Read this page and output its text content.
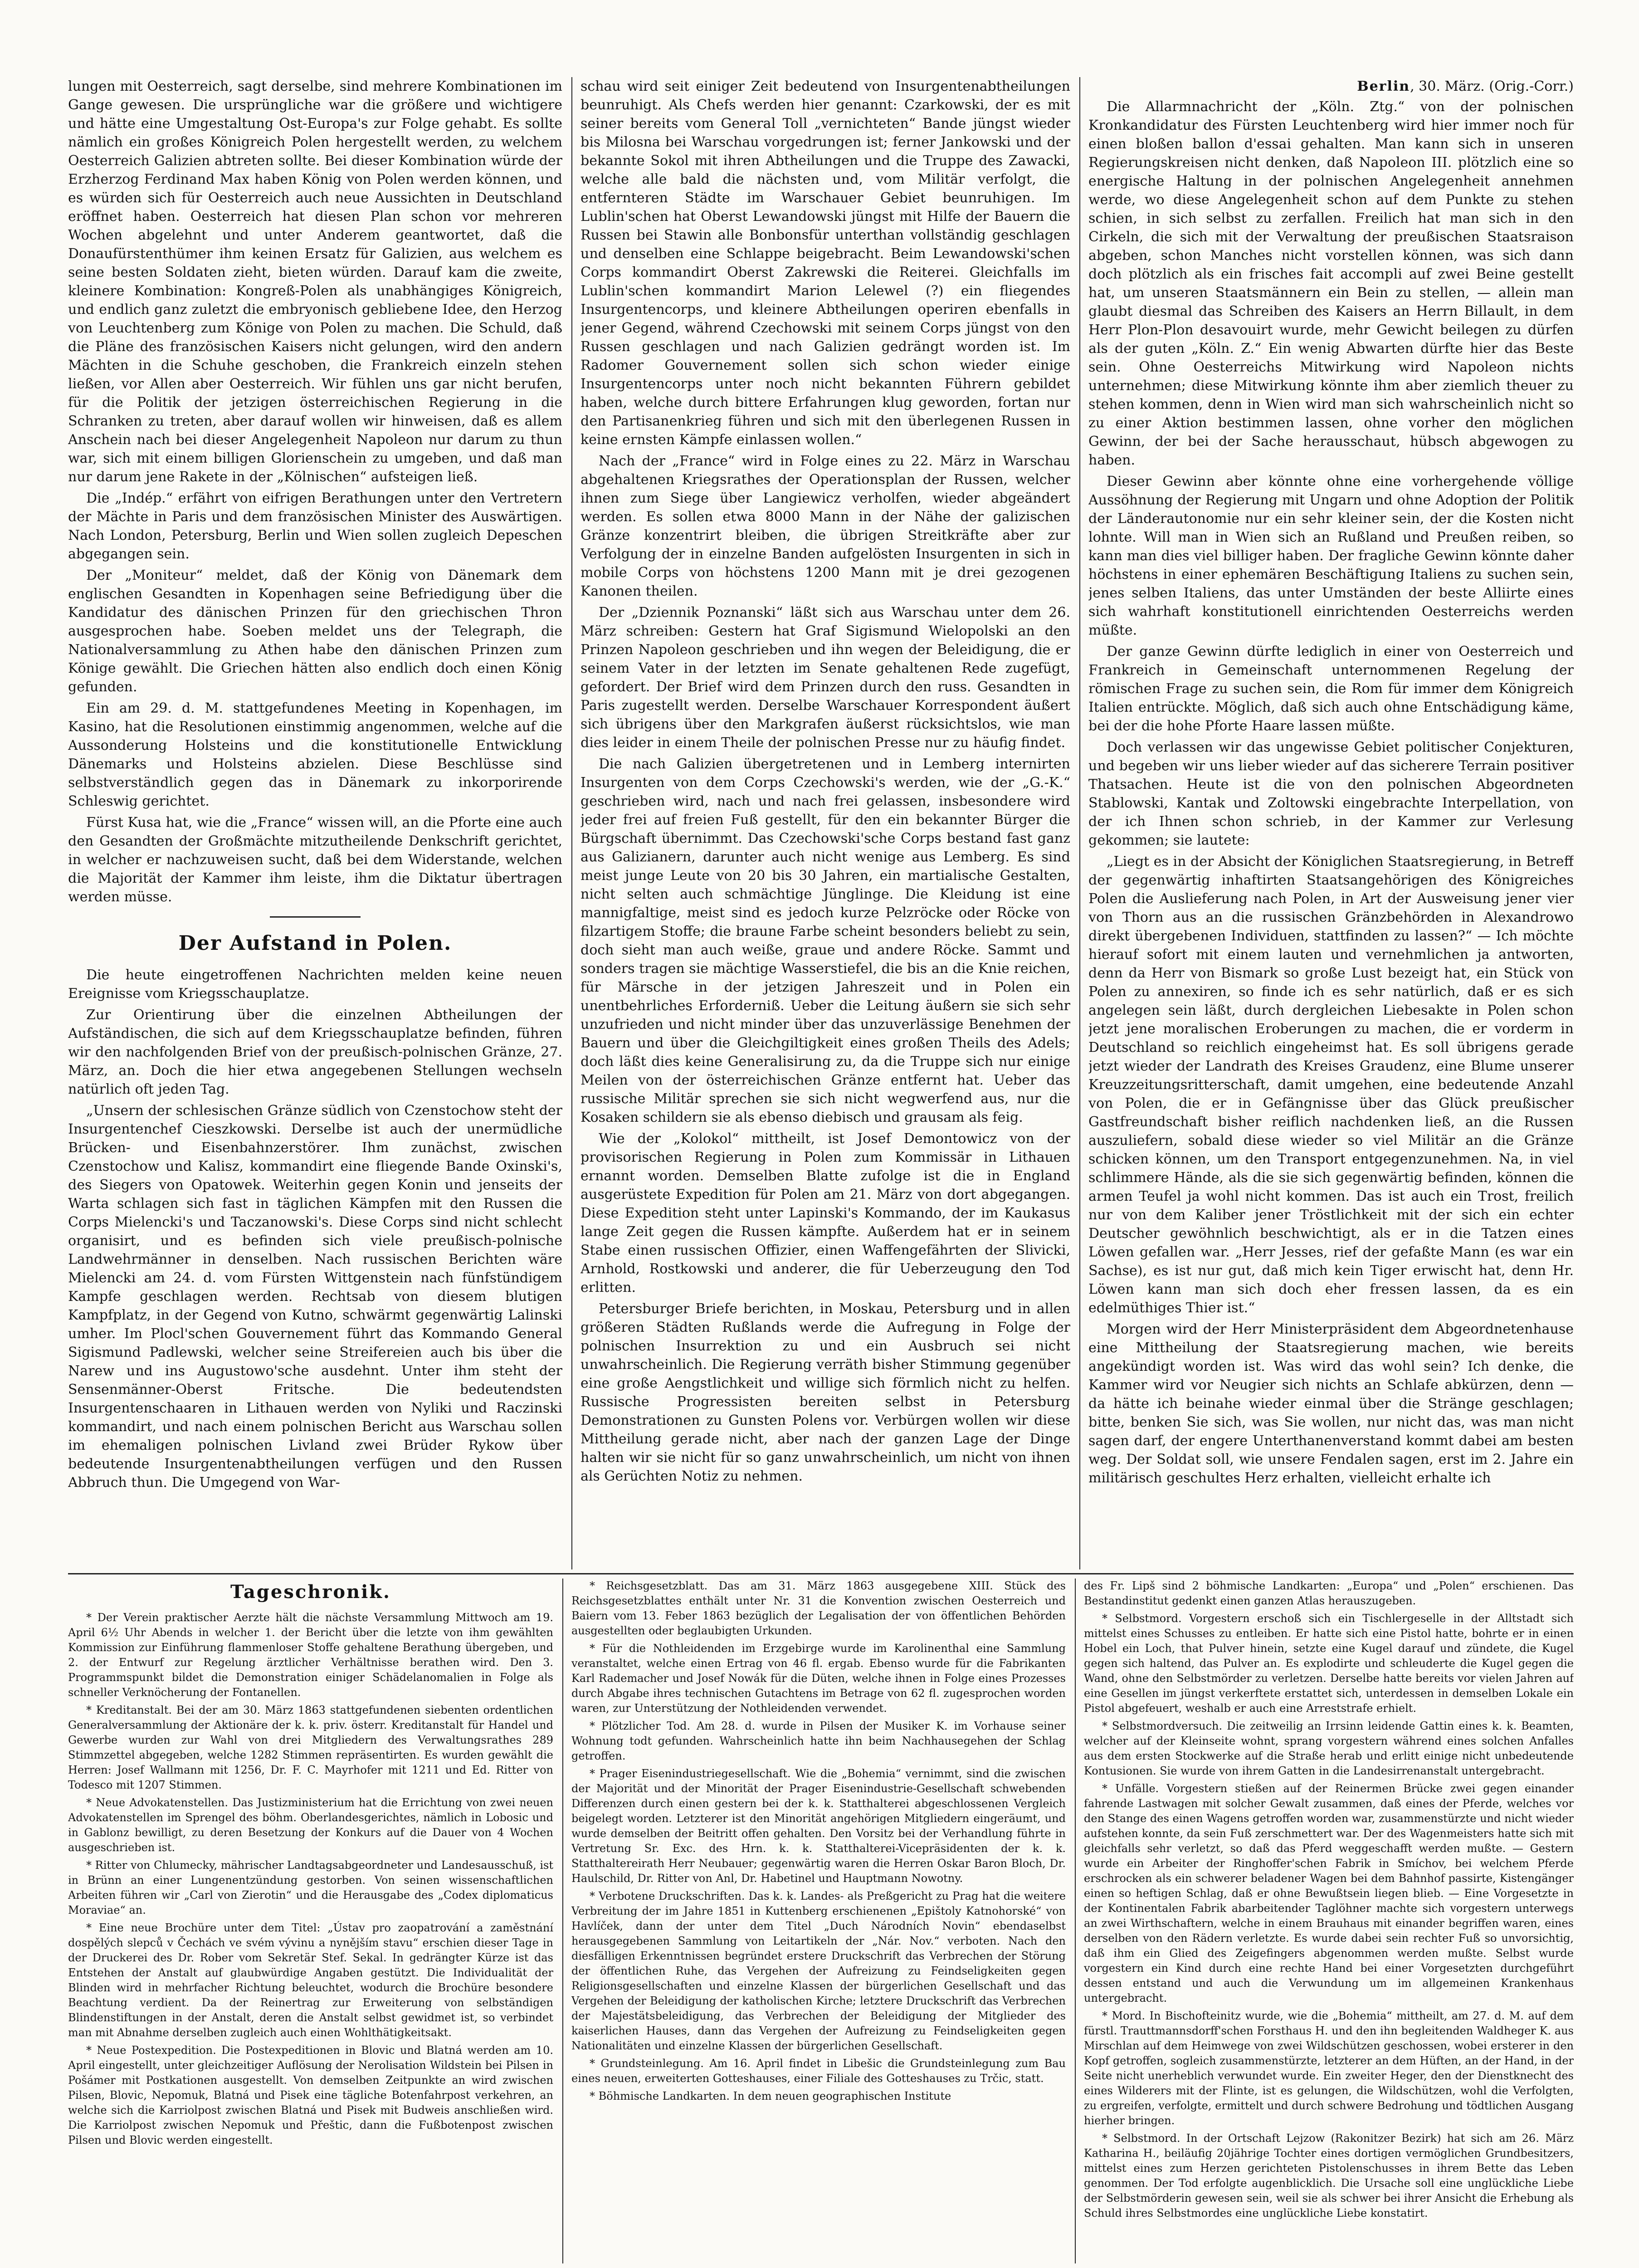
lungen mit Oesterreich, sagt derselbe, sind mehrere Kombinationen im Gange gewesen. Die ursprüngliche war die größere und wichtigere und hätte eine Umgestaltung Ost-Europa's zur Folge gehabt. Es sollte nämlich ein großes Königreich Polen hergestellt werden, zu welchem Oesterreich Galizien abtreten sollte. Bei dieser Kombination würde der Erzherzog Ferdinand Max haben König von Polen werden können, und es würden sich für Oesterreich auch neue Aussichten in Deutschland eröffnet haben. Oesterreich hat diesen Plan schon vor mehreren Wochen abgelehnt und unter Anderem geantwortet, daß die Donaufürstenthümer ihm keinen Ersatz für Galizien, aus welchem es seine besten Soldaten zieht, bieten würden. Darauf kam die zweite, kleinere Kombination: Kongreß-Polen als unabhängiges Königreich, und endlich ganz zuletzt die embryonisch gebliebene Idee, den Herzog von Leuchtenberg zum Könige von Polen zu machen. Die Schuld, daß die Pläne des französischen Kaisers nicht gelungen, wird den andern Mächten in die Schuhe geschoben, die Frankreich einzeln stehen ließen, vor Allen aber Oesterreich. Wir fühlen uns gar nicht berufen, für die Politik der jetzigen österreichischen Regierung in die Schranken zu treten, aber darauf wollen wir hinweisen, daß es allem Anschein nach bei dieser Angelegenheit Napoleon nur darum zu thun war, sich mit einem billigen Glorienschein zu umgeben, und daß man nur darum jene Rakete in der „Kölnischen“ aufsteigen ließ.

Die „Indép.“ erfährt von eifrigen Berathungen unter den Vertretern der Mächte in Paris und dem französischen Minister des Auswärtigen. Nach London, Petersburg, Berlin und Wien sollen zugleich Depeschen abgegangen sein.

Der „Moniteur“ meldet, daß der König von Dänemark dem englischen Gesandten in Kopenhagen seine Befriedigung über die Kandidatur des dänischen Prinzen für den griechischen Thron ausgesprochen habe. Soeben meldet uns der Telegraph, die Nationalversammlung zu Athen habe den dänischen Prinzen zum Könige gewählt. Die Griechen hätten also endlich doch einen König gefunden.

Ein am 29. d. M. stattgefundenes Meeting in Kopenhagen, im Kasino, hat die Resolutionen einstimmig angenommen, welche auf die Aussonderung Holsteins und die konstitutionelle Entwicklung Dänemarks und Holsteins abzielen. Diese Beschlüsse sind selbstverständlich gegen das in Dänemark zu inkorporirende Schleswig gerichtet.

Fürst Kusa hat, wie die „France“ wissen will, an die Pforte eine auch den Gesandten der Großmächte mitzutheilende Denkschrift gerichtet, in welcher er nachzuweisen sucht, daß bei dem Widerstande, welchen die Majorität der Kammer ihm leiste, ihm die Diktatur übertragen werden müsse.

Der Aufstand in Polen.

Die heute eingetroffenen Nachrichten melden keine neuen Ereignisse vom Kriegsschauplatze.

Zur Orientirung über die einzelnen Abtheilungen der Aufständischen, die sich auf dem Kriegsschauplatze befinden, führen wir den nachfolgenden Brief von der preußisch-polnischen Gränze, 27. März, an. Doch die hier etwa angegebenen Stellungen wechseln natürlich oft jeden Tag.

„Unsern der schlesischen Gränze südlich von Czenstochow steht der Insurgentenchef Cieszkowski. Derselbe ist auch der unermüdliche Brücken- und Eisenbahnzerstörer. Ihm zunächst, zwischen Czenstochow und Kalisz, kommandirt eine fliegende Bande Oxinski's, des Siegers von Opatowek. Weiterhin gegen Konin und jenseits der Warta schlagen sich fast in täglichen Kämpfen mit den Russen die Corps Mielencki's und Taczanowski's. Diese Corps sind nicht schlecht organisirt, und es befinden sich viele preußisch-polnische Landwehrmänner in denselben. Nach russischen Berichten wäre Mielencki am 24. d. vom Fürsten Wittgenstein nach fünfstündigem Kampfe geschlagen werden. Rechtsab von diesem blutigen Kampfplatz, in der Gegend von Kutno, schwärmt gegenwärtig Lalinski umher. Im Plocl'schen Gouvernement führt das Kommando General Sigismund Padlewski, welcher seine Streifereien auch bis über die Narew und ins Augustowo'sche ausdehnt. Unter ihm steht der Sensenmänner-Oberst Fritsche. Die bedeutendsten Insurgentenschaaren in Lithauen werden von Nyliki und Raczinski kommandirt, und nach einem polnischen Bericht aus Warschau sollen im ehemaligen polnischen Livland zwei Brüder Rykow über bedeutende Insurgentenabtheilungen verfügen und den Russen Abbruch thun. Die Umgegend von War-

schau wird seit einiger Zeit bedeutend von Insurgentenabtheilungen beunruhigt. Als Chefs werden hier genannt: Czarkowski, der es mit seiner bereits vom General Toll „vernichteten“ Bande jüngst wieder bis Milosna bei Warschau vorgedrungen ist; ferner Jankowski und der bekannte Sokol mit ihren Abtheilungen und die Truppe des Zawacki, welche alle bald die nächsten und, vom Militär verfolgt, die entfernteren Städte im Warschauer Gebiet beunruhigen. Im Lublin'schen hat Oberst Lewandowski jüngst mit Hilfe der Bauern die Russen bei Stawin alle Bonbonsfür unterthan vollständig geschlagen und denselben eine Schlappe beigebracht. Beim Lewandowski'schen Corps kommandirt Oberst Zakrewski die Reiterei. Gleichfalls im Lublin'schen kommandirt Marion Lelewel (?) ein fliegendes Insurgentencorps, und kleinere Abtheilungen operiren ebenfalls in jener Gegend, während Czechowski mit seinem Corps jüngst von den Russen geschlagen und nach Galizien gedrängt worden ist. Im Radomer Gouvernement sollen sich schon wieder einige Insurgentencorps unter noch nicht bekannten Führern gebildet haben, welche durch bittere Erfahrungen klug geworden, fortan nur den Partisanenkrieg führen und sich mit den überlegenen Russen in keine ernsten Kämpfe einlassen wollen.“

Nach der „France“ wird in Folge eines zu 22. März in Warschau abgehaltenen Kriegsrathes der Operationsplan der Russen, welcher ihnen zum Siege über Langiewicz verholfen, wieder abgeändert werden. Es sollen etwa 8000 Mann in der Nähe der galizischen Gränze konzentrirt bleiben, die übrigen Streitkräfte aber zur Verfolgung der in einzelne Banden aufgelösten Insurgenten in sich in mobile Corps von höchstens 1200 Mann mit je drei gezogenen Kanonen theilen.

Der „Dziennik Poznanski“ läßt sich aus Warschau unter dem 26. März schreiben: Gestern hat Graf Sigismund Wielopolski an den Prinzen Napoleon geschrieben und ihn wegen der Beleidigung, die er seinem Vater in der letzten im Senate gehaltenen Rede zugefügt, gefordert. Der Brief wird dem Prinzen durch den russ. Gesandten in Paris zugestellt werden. Derselbe Warschauer Korrespondent äußert sich übrigens über den Markgrafen äußerst rücksichtslos, wie man dies leider in einem Theile der polnischen Presse nur zu häufig findet.

Die nach Galizien übergetretenen und in Lemberg internirten Insurgenten von dem Corps Czechowski's werden, wie der „G.-K.“ geschrieben wird, nach und nach frei gelassen, insbesondere wird jeder frei auf freien Fuß gestellt, für den ein bekannter Bürger die Bürgschaft übernimmt. Das Czechowski'sche Corps bestand fast ganz aus Galizianern, darunter auch nicht wenige aus Lemberg. Es sind meist junge Leute von 20 bis 30 Jahren, ein martialische Gestalten, nicht selten auch schmächtige Jünglinge. Die Kleidung ist eine mannigfaltige, meist sind es jedoch kurze Pelzröcke oder Röcke von filzartigem Stoffe; die braune Farbe scheint besonders beliebt zu sein, doch sieht man auch weiße, graue und andere Röcke. Sammt und sonders tragen sie mächtige Wasserstiefel, die bis an die Knie reichen, für Märsche in der jetzigen Jahreszeit und in Polen ein unentbehrliches Erforderniß. Ueber die Leitung äußern sie sich sehr unzufrieden und nicht minder über das unzuverlässige Benehmen der Bauern und über die Gleichgiltigkeit eines großen Theils des Adels; doch läßt dies keine Generalisirung zu, da die Truppe sich nur einige Meilen von der österreichischen Gränze entfernt hat. Ueber das russische Militär sprechen sie sich nicht wegwerfend aus, nur die Kosaken schildern sie als ebenso diebisch und grausam als feig.

Wie der „Kolokol“ mittheilt, ist Josef Demontowicz von der provisorischen Regierung in Polen zum Kommissär in Lithauen ernannt worden. Demselben Blatte zufolge ist die in England ausgerüstete Expedition für Polen am 21. März von dort abgegangen. Diese Expedition steht unter Lapinski's Kommando, der im Kaukasus lange Zeit gegen die Russen kämpfte. Außerdem hat er in seinem Stabe einen russischen Offizier, einen Waffengefährten der Slivicki, Arnhold, Rostkowski und anderer, die für Ueberzeugung den Tod erlitten.

Petersburger Briefe berichten, in Moskau, Petersburg und in allen größeren Städten Rußlands werde die Aufregung in Folge der polnischen Insurrektion zu und ein Ausbruch sei nicht unwahrscheinlich. Die Regierung verräth bisher Stimmung gegenüber eine große Aengstlichkeit und willige sich förmlich nicht zu helfen. Russische Progressisten bereiten selbst in Petersburg Demonstrationen zu Gunsten Polens vor. Verbürgen wollen wir diese Mittheilung gerade nicht, aber nach der ganzen Lage der Dinge halten wir sie nicht für so ganz unwahrscheinlich, um nicht von ihnen als Gerüchten Notiz zu nehmen.

Berlin, 30. März. (Orig.-Corr.)

Die Allarmnachricht der „Köln. Ztg.“ von der polnischen Kronkandidatur des Fürsten Leuchtenberg wird hier immer noch für einen bloßen ballon d'essai gehalten. Man kann sich in unseren Regierungskreisen nicht denken, daß Napoleon III. plötzlich eine so energische Haltung in der polnischen Angelegenheit annehmen werde, wo diese Angelegenheit schon auf dem Punkte zu stehen schien, in sich selbst zu zerfallen. Freilich hat man sich in den Cirkeln, die sich mit der Verwaltung der preußischen Staatsraison abgeben, schon Manches nicht vorstellen können, was sich dann doch plötzlich als ein frisches fait accompli auf zwei Beine gestellt hat, um unseren Staatsmännern ein Bein zu stellen, — allein man glaubt diesmal das Schreiben des Kaisers an Herrn Billault, in dem Herr Plon-Plon desavouirt wurde, mehr Gewicht beilegen zu dürfen als der guten „Köln. Z.“ Ein wenig Abwarten dürfte hier das Beste sein. Ohne Oesterreichs Mitwirkung wird Napoleon nichts unternehmen; diese Mitwirkung könnte ihm aber ziemlich theuer zu stehen kommen, denn in Wien wird man sich wahrscheinlich nicht so zu einer Aktion bestimmen lassen, ohne vorher den möglichen Gewinn, der bei der Sache herausschaut, hübsch abgewogen zu haben.

Dieser Gewinn aber könnte ohne eine vorhergehende völlige Aussöhnung der Regierung mit Ungarn und ohne Adoption der Politik der Länderautonomie nur ein sehr kleiner sein, der die Kosten nicht lohnte. Will man in Wien sich an Rußland und Preußen reiben, so kann man dies viel billiger haben. Der fragliche Gewinn könnte daher höchstens in einer ephemären Beschäftigung Italiens zu suchen sein, jenes selben Italiens, das unter Umständen der beste Alliirte eines sich wahrhaft konstitutionell einrichtenden Oesterreichs werden müßte.

Der ganze Gewinn dürfte lediglich in einer von Oesterreich und Frankreich in Gemeinschaft unternommenen Regelung der römischen Frage zu suchen sein, die Rom für immer dem Königreich Italien entrückte. Möglich, daß sich auch ohne Entschädigung käme, bei der die hohe Pforte Haare lassen müßte.

Doch verlassen wir das ungewisse Gebiet politischer Conjekturen, und begeben wir uns lieber wieder auf das sicherere Terrain positiver Thatsachen. Heute ist die von den polnischen Abgeordneten Stablowski, Kantak und Zoltowski eingebrachte Interpellation, von der ich Ihnen schon schrieb, in der Kammer zur Verlesung gekommen; sie lautete:

„Liegt es in der Absicht der Königlichen Staatsregierung, in Betreff der gegenwärtig inhaftirten Staatsangehörigen des Königreiches Polen die Auslieferung nach Polen, in Art der Ausweisung jener vier von Thorn aus an die russischen Gränzbehörden in Alexandrowo direkt übergebenen Individuen, stattfinden zu lassen?“ — Ich möchte hierauf sofort mit einem lauten und vernehmlichen ja antworten, denn da Herr von Bismark so große Lust bezeigt hat, ein Stück von Polen zu annexiren, so finde ich es sehr natürlich, daß er es sich angelegen sein läßt, durch dergleichen Liebesakte in Polen schon jetzt jene moralischen Eroberungen zu machen, die er vorderm in Deutschland so reichlich eingeheimst hat. Es soll übrigens gerade jetzt wieder der Landrath des Kreises Graudenz, eine Blume unserer Kreuzzeitungsritterschaft, damit umgehen, eine bedeutende Anzahl von Polen, die er in Gefängnisse über das Glück preußischer Gastfreundschaft bisher reiflich nachdenken ließ, an die Russen auszuliefern, sobald diese wieder so viel Militär an die Gränze schicken können, um den Transport entgegenzunehmen. Na, in viel schlimmere Hände, als die sie sich gegenwärtig befinden, können die armen Teufel ja wohl nicht kommen. Das ist auch ein Trost, freilich nur von dem Kaliber jener Tröstlichkeit mit der sich ein echter Deutscher gewöhnlich beschwichtigt, als er in die Tatzen eines Löwen gefallen war. „Herr Jesses, rief der gefaßte Mann (es war ein Sachse), es ist nur gut, daß mich kein Tiger erwischt hat, denn Hr. Löwen kann man sich doch eher fressen lassen, da es ein edelmüthiges Thier ist.“

Morgen wird der Herr Ministerpräsident dem Abgeordnetenhause eine Mittheilung der Staatsregierung machen, wie bereits angekündigt worden ist. Was wird das wohl sein? Ich denke, die Kammer wird vor Neugier sich nichts an Schlafe abkürzen, denn — da hätte ich beinahe wieder einmal über die Stränge geschlagen; bitte, benken Sie sich, was Sie wollen, nur nicht das, was man nicht sagen darf, der engere Unterthanenverstand kommt dabei am besten weg. Der Soldat soll, wie unsere Fendalen sagen, erst im 2. Jahre ein militärisch geschultes Herz erhalten, vielleicht erhalte ich

Tageschronik.

* Der Verein praktischer Aerzte hält die nächste Versammlung Mittwoch am 19. April 6½ Uhr Abends in welcher 1. der Bericht über die letzte von ihm gewählten Kommission zur Einführung flammenloser Stoffe gehaltene Berathung übergeben, und 2. der Entwurf zur Regelung ärztlicher Verhältnisse berathen wird. Den 3. Programmspunkt bildet die Demonstration einiger Schädelanomalien in Folge als schneller Verknöcherung der Fontanellen.

* Kreditanstalt. Bei der am 30. März 1863 stattgefundenen siebenten ordentlichen Generalversammlung der Aktionäre der k. k. priv. österr. Kreditanstalt für Handel und Gewerbe wurden zur Wahl von drei Mitgliedern des Verwaltungsrathes 289 Stimmzettel abgegeben, welche 1282 Stimmen repräsentirten. Es wurden gewählt die Herren: Josef Wallmann mit 1256, Dr. F. C. Mayrhofer mit 1211 und Ed. Ritter von Todesco mit 1207 Stimmen.

* Neue Advokatenstellen. Das Justizministerium hat die Errichtung von zwei neuen Advokatenstellen im Sprengel des böhm. Oberlandesgerichtes, nämlich in Lobosic und in Gablonz bewilligt, zu deren Besetzung der Konkurs auf die Dauer von 4 Wochen ausgeschrieben ist.

* Ritter von Chlumecky, mährischer Landtagsabgeordneter und Landesausschuß, ist in Brünn an einer Lungenentzündung gestorben. Von seinen wissenschaftlichen Arbeiten führen wir „Carl von Zierotin“ und die Herausgabe des „Codex diplomaticus Moraviae“ an.

* Eine neue Brochüre unter dem Titel: „Ústav pro zaopatrování a zaměstnání dospělých slepců v Čechách ve svém vývinu a nynějším stavu“ erschien dieser Tage in der Druckerei des Dr. Rober vom Sekretär Stef. Sekal. In gedrängter Kürze ist das Entstehen der Anstalt auf glaubwürdige Angaben gestützt. Die Individualität der Blinden wird in mehrfacher Richtung beleuchtet, wodurch die Brochüre besondere Beachtung verdient. Da der Reinertrag zur Erweiterung von selbständigen Blindenstiftungen in der Anstalt, deren die Anstalt selbst gewidmet ist, so verbindet man mit Abnahme derselben zugleich auch einen Wohlthätigkeitsakt.

* Neue Postexpedition. Die Postexpeditionen in Blovic und Blatná werden am 10. April eingestellt, unter gleichzeitiger Auflösung der Nerolisation Wildstein bei Pilsen in Pošámer mit Postkationen ausgestellt. Von demselben Zeitpunkte an wird zwischen Pilsen, Blovic, Nepomuk, Blatná und Pisek eine tägliche Botenfahrpost verkehren, an welche sich die Karriolpost zwischen Blatná und Pisek mit Budweis anschließen wird. Die Karriolpost zwischen Nepomuk und Přeštic, dann die Fußbotenpost zwischen Pilsen und Blovic werden eingestellt.

* Reichsgesetzblatt. Das am 31. März 1863 ausgegebene XIII. Stück des Reichsgesetzblattes enthält unter Nr. 31 die Konvention zwischen Oesterreich und Baiern vom 13. Feber 1863 bezüglich der Legalisation der von öffentlichen Behörden ausgestellten oder beglaubigten Urkunden.

* Für die Nothleidenden im Erzgebirge wurde im Karolinenthal eine Sammlung veranstaltet, welche einen Ertrag von 46 fl. ergab. Ebenso wurde für die Fabrikanten Karl Rademacher und Josef Nowák für die Düten, welche ihnen in Folge eines Prozesses durch Abgabe ihres technischen Gutachtens im Betrage von 62 fl. zugesprochen worden waren, zur Unterstützung der Nothleidenden verwendet.

* Plötzlicher Tod. Am 28. d. wurde in Pilsen der Musiker K. im Vorhause seiner Wohnung todt gefunden. Wahrscheinlich hatte ihn beim Nachhausegehen der Schlag getroffen.

* Prager Eisenindustriegesellschaft. Wie die „Bohemia“ vernimmt, sind die zwischen der Majorität und der Minorität der Prager Eisenindustrie-Gesellschaft schwebenden Differenzen durch einen gestern bei der k. k. Statthalterei abgeschlossenen Vergleich beigelegt worden. Letzterer ist den Minorität angehörigen Mitgliedern eingeräumt, und wurde demselben der Beitritt offen gehalten. Den Vorsitz bei der Verhandlung führte in Vertretung Sr. Exc. des Hrn. k. k. Statthalterei-Vicepräsidenten der k. k. Statthaltereirath Herr Neubauer; gegenwärtig waren die Herren Oskar Baron Bloch, Dr. Haulschild, Dr. Ritter von Anl, Dr. Habetinel und Hauptmann Nowotny.

* Verbotene Druckschriften. Das k. k. Landes- als Preßgericht zu Prag hat die weitere Verbreitung der im Jahre 1851 in Kuttenberg erschienenen „Epištoly Katnohorské“ von Havlíček, dann der unter dem Titel „Duch Národních Novin“ ebendaselbst herausgegebenen Sammlung von Leitartikeln der „Nár. Nov.“ verboten. Nach den diesfälligen Erkenntnissen begründet erstere Druckschrift das Verbrechen der Störung der öffentlichen Ruhe, das Vergehen der Aufreizung zu Feindseligkeiten gegen Religionsgesellschaften und einzelne Klassen der bürgerlichen Gesellschaft und das Vergehen der Beleidigung der katholischen Kirche; letztere Druckschrift das Verbrechen der Majestätsbeleidigung, das Verbrechen der Beleidigung der Mitglieder des kaiserlichen Hauses, dann das Vergehen der Aufreizung zu Feindseligkeiten gegen Nationalitäten und einzelne Klassen der bürgerlichen Gesellschaft.

* Grundsteinlegung. Am 16. April findet in Libešic die Grundsteinlegung zum Bau eines neuen, erweiterten Gotteshauses, einer Filiale des Gotteshauses zu Trčic, statt.

* Böhmische Landkarten. In dem neuen geographischen Institute

des Fr. Lipš sind 2 böhmische Landkarten: „Europa“ und „Polen“ erschienen. Das Bestandinstitut gedenkt einen ganzen Atlas herauszugeben.

* Selbstmord. Vorgestern erschoß sich ein Tischlergeselle in der Alltstadt sich mittelst eines Schusses zu entleiben. Er hatte sich eine Pistol hatte, bohrte er in einen Hobel ein Loch, that Pulver hinein, setzte eine Kugel darauf und zündete, die Kugel gegen sich haltend, das Pulver an. Es explodirte und schleuderte die Kugel gegen die Wand, ohne den Selbstmörder zu verletzen. Derselbe hatte bereits vor vielen Jahren auf eine Gesellen im jüngst verkerftete erstattet sich, unterdessen in demselben Lokale ein Pistol abgefeuert, weshalb er auch eine Arreststrafe erhielt.

* Selbstmordversuch. Die zeitweilig an Irrsinn leidende Gattin eines k. k. Beamten, welcher auf der Kleinseite wohnt, sprang vorgestern während eines solchen Anfalles aus dem ersten Stockwerke auf die Straße herab und erlitt einige nicht unbedeutende Kontusionen. Sie wurde von ihrem Gatten in die Landesirrenanstalt untergebracht.

* Unfälle. Vorgestern stießen auf der Reinermen Brücke zwei gegen einander fahrende Lastwagen mit solcher Gewalt zusammen, daß eines der Pferde, welches vor den Stange des einen Wagens getroffen worden war, zusammenstürzte und nicht wieder aufstehen konnte, da sein Fuß zerschmettert war. Der des Wagenmeisters hatte sich mit gleichfalls sehr verletzt, so daß das Pferd weggeschafft werden mußte. — Gestern wurde ein Arbeiter der Ringhoffer'schen Fabrik in Smíchov, bei welchem Pferde erschrocken als ein schwerer beladener Wagen bei dem Bahnhof passirte, Kistengänger einen so heftigen Schlag, daß er ohne Bewußtsein liegen blieb. — Eine Vorgesetzte in der Kontinentalen Fabrik abarbeitender Taglöhner machte sich vorgestern unterwegs an zwei Wirthschaftern, welche in einem Brauhaus mit einander begriffen waren, eines derselben von den Rädern verletzte. Es wurde dabei sein rechter Fuß so unvorsichtig, daß ihm ein Glied des Zeigefingers abgenommen werden mußte. Selbst wurde vorgestern ein Kind durch eine rechte Hand bei einer Vorgesetzten durchgeführt dessen entstand und auch die Verwundung um im allgemeinen Krankenhaus untergebracht.

* Mord. In Bischofteinitz wurde, wie die „Bohemia“ mittheilt, am 27. d. M. auf dem fürstl. Trauttmannsdorff'schen Forsthaus H. und den ihn begleitenden Waldheger K. aus Mirschlan auf dem Heimwege von zwei Wildschützen geschossen, wobei ersterer in den Kopf getroffen, sogleich zusammenstürzte, letzterer an dem Hüften, an der Hand, in der Seite nicht unerheblich verwundet wurde. Ein zweiter Heger, den der Dienstknecht des eines Wilderers mit der Flinte, ist es gelungen, die Wildschützen, wohl die Verfolgten, zu ergreifen, verfolgte, ermittelt und durch schwere Bedrohung und tödtlichen Ausgang hierher bringen.

* Selbstmord. In der Ortschaft Lejzow (Rakonitzer Bezirk) hat sich am 26. März Katharina H., beiläufig 20jährige Tochter eines dortigen vermöglichen Grundbesitzers, mittelst eines zum Herzen gerichteten Pistolenschusses in ihrem Bette das Leben genommen. Der Tod erfolgte augenblicklich. Die Ursache soll eine unglückliche Liebe der Selbstmörderin gewesen sein, weil sie als schwer bei ihrer Ansicht die Erhebung als Schuld ihres Selbstmordes eine unglückliche Liebe konstatirt.
